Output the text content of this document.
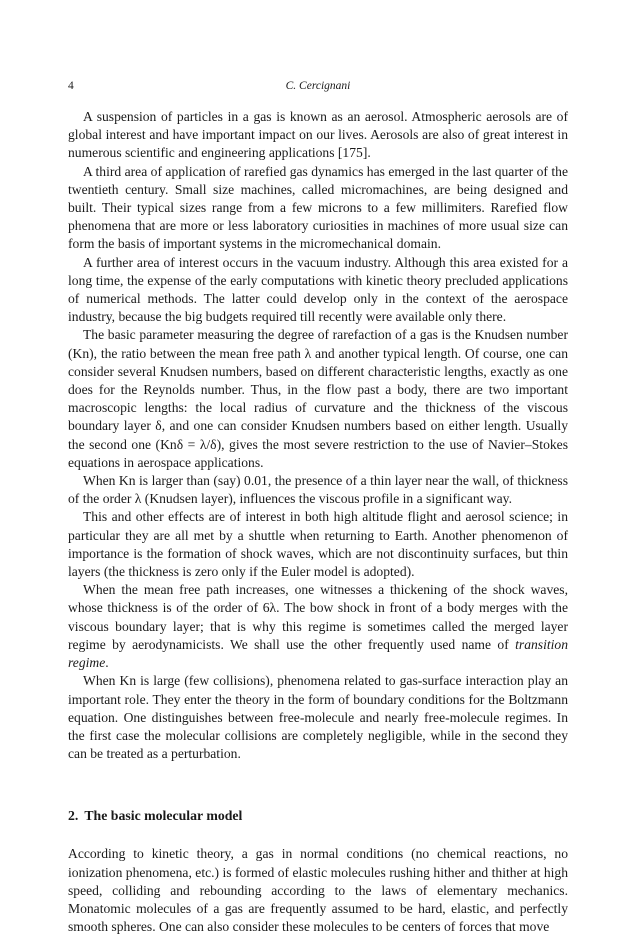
4	C. Cercignani

A suspension of particles in a gas is known as an aerosol. Atmospheric aerosols are of global interest and have important impact on our lives. Aerosols are also of great interest in numerous scientific and engineering applications [175].

A third area of application of rarefied gas dynamics has emerged in the last quarter of the twentieth century. Small size machines, called micromachines, are being designed and built. Their typical sizes range from a few microns to a few millimiters. Rarefied flow phenomena that are more or less laboratory curiosities in machines of more usual size can form the basis of important systems in the micromechanical domain.

A further area of interest occurs in the vacuum industry. Although this area existed for a long time, the expense of the early computations with kinetic theory precluded applications of numerical methods. The latter could develop only in the context of the aerospace industry, because the big budgets required till recently were available only there.

The basic parameter measuring the degree of rarefaction of a gas is the Knudsen number (Kn), the ratio between the mean free path λ and another typical length. Of course, one can consider several Knudsen numbers, based on different characteristic lengths, exactly as one does for the Reynolds number. Thus, in the flow past a body, there are two important macroscopic lengths: the local radius of curvature and the thickness of the viscous boundary layer δ, and one can consider Knudsen numbers based on either length. Usually the second one (Knδ = λ/δ), gives the most severe restriction to the use of Navier–Stokes equations in aerospace applications.

When Kn is larger than (say) 0.01, the presence of a thin layer near the wall, of thickness of the order λ (Knudsen layer), influences the viscous profile in a significant way.

This and other effects are of interest in both high altitude flight and aerosol science; in particular they are all met by a shuttle when returning to Earth. Another phenomenon of importance is the formation of shock waves, which are not discontinuity surfaces, but thin layers (the thickness is zero only if the Euler model is adopted).

When the mean free path increases, one witnesses a thickening of the shock waves, whose thickness is of the order of 6λ. The bow shock in front of a body merges with the viscous boundary layer; that is why this regime is sometimes called the merged layer regime by aerodynamicists. We shall use the other frequently used name of transition regime.

When Kn is large (few collisions), phenomena related to gas-surface interaction play an important role. They enter the theory in the form of boundary conditions for the Boltzmann equation. One distinguishes between free-molecule and nearly free-molecule regimes. In the first case the molecular collisions are completely negligible, while in the second they can be treated as a perturbation.

2. The basic molecular model

According to kinetic theory, a gas in normal conditions (no chemical reactions, no ionization phenomena, etc.) is formed of elastic molecules rushing hither and thither at high speed, colliding and rebounding according to the laws of elementary mechanics. Monatomic molecules of a gas are frequently assumed to be hard, elastic, and perfectly smooth spheres. One can also consider these molecules to be centers of forces that move
